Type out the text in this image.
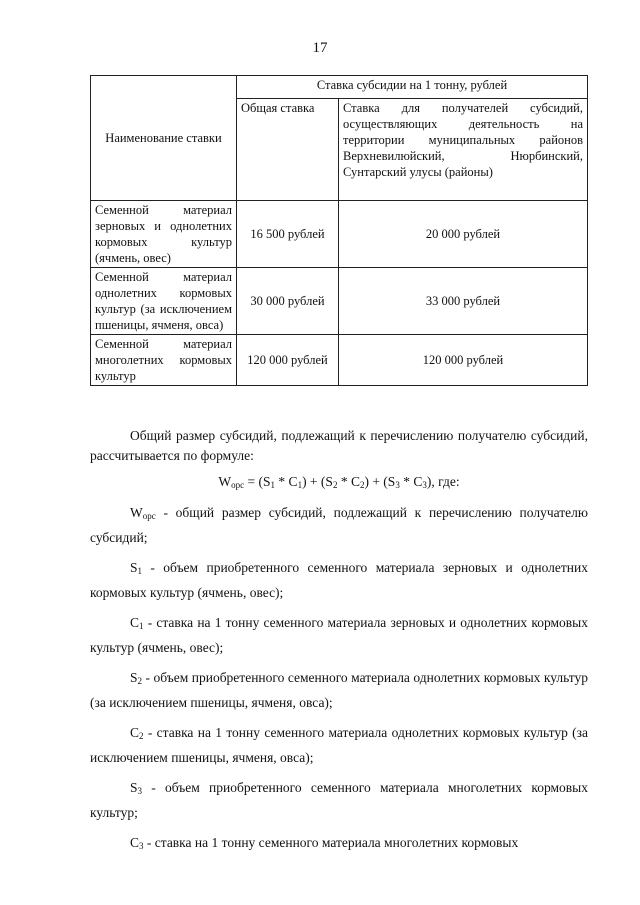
17
Наименование ставки	Ставка субсидии на 1 тонну, рублей	
	Общая ставка	Ставка для получателей субсидий, осуществляющих деятельность на территории муниципальных районов Верхневилюйский, Нюрбинский, Сунтарский улусы (районы)
Семенной материал зерновых и однолетних кормовых культур (ячмень, овес)	16 500 рублей	20 000 рублей
Семенной материал однолетних кормовых культур (за исключением пшеницы, ячменя, овса)	30 000 рублей	33 000 рублей
Семенной материал многолетних кормовых культур	120 000 рублей	120 000 рублей

Общий размер субсидий, подлежащий к перечислению получателю субсидий, рассчитывается по формуле:

$W_{орс} = (S_1 * C_1) + (S_2 * C_2) + (S_3 * C_3)$, где:

$W_{орс}$ - общий размер субсидий, подлежащий к перечислению получателю субсидий;

$S_1$ - объем приобретенного семенного материала зерновых и однолетних кормовых культур (ячмень, овес);

$C_1$ - ставка на 1 тонну семенного материала зерновых и однолетних кормовых культур (ячмень, овес);

$S_2$ - объем приобретенного семенного материала однолетних кормовых культур (за исключением пшеницы, ячменя, овса);

$C_2$ - ставка на 1 тонну семенного материала однолетних кормовых культур (за исключением пшеницы, ячменя, овса);

$S_3$ - объем приобретенного семенного материала многолетних кормовых культур;

$C_3$ - ставка на 1 тонну семенного материала многолетних кормовых
